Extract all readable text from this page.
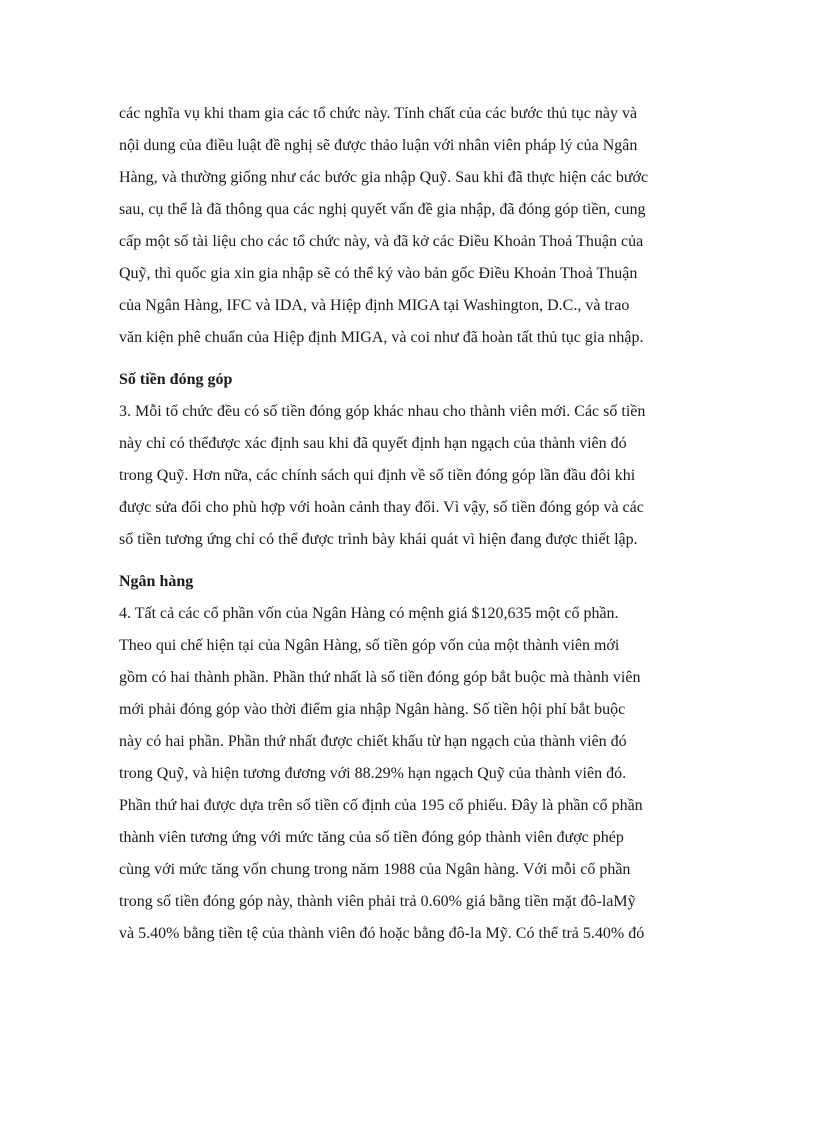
các nghĩa vụ khi tham gia các tổ chức này. Tính chất của các bước thủ tục này và
nội dung của điều luật đề nghị sẽ được thảo luận với nhân viên pháp lý của Ngân
Hàng, và thường giống như các bước gia nhập Quỹ. Sau khi đã thực hiện các bước
sau, cụ thể là đã thông qua các nghị quyết vấn đề gia nhập, đã đóng góp tiền, cung
cấp một số tài liệu cho các tổ chức này, và đã kở các Điều Khoản Thoả Thuận của
Quỹ, thì quốc gia xin gia nhập sẽ có thể ký vào bản gốc Điều Khoản Thoả Thuận
của Ngân Hàng, IFC và IDA, và Hiệp định MIGA tại Washington, D.C., và trao
văn kiện phê chuẩn của Hiệp định MIGA, và coi như đã hoàn tất thủ tục gia nhập.
Số tiền đóng góp
3. Mỗi tổ chức đều có số tiền đóng góp khác nhau cho thành viên mới. Các số tiền
này chỉ có thểđược xác định sau khi đã quyết định hạn ngạch của thành viên đó
trong Quỹ. Hơn nữa, các chính sách qui định về số tiền đóng góp lần đầu đôi khi
được sửa đổi cho phù hợp với hoàn cảnh thay đổi. Vì vậy, số tiền đóng góp và các
số tiền tương ứng chỉ có thể được trình bày khái quát vì hiện đang được thiết lập.
Ngân hàng
4. Tất cả các cổ phần vốn của Ngân Hàng có mệnh giá $120,635 một cổ phần.
Theo qui chế hiện tại của Ngân Hàng, số tiền góp vốn của một thành viên mới
gồm có hai thành phần. Phần thứ nhất là số tiền đóng góp bắt buộc mà thành viên
mới phải đóng góp vào thời điểm gia nhập Ngân hàng. Số tiền hội phí bắt buộc
này có hai phần. Phần thứ nhất được chiết khấu từ hạn ngạch của thành viên đó
trong Quỹ, và hiện tương đương với 88.29% hạn ngạch Quỹ của thành viên đó.
Phần thứ hai được dựa trên số tiền cố định của 195 cổ phiếu. Đây là phần cổ phần
thành viên tương ứng với mức tăng của số tiền đóng góp thành viên được phép
cùng với mức tăng vốn chung trong năm 1988 của Ngân hàng. Với mỗi cổ phần
trong số tiền đóng góp này, thành viên phải trả 0.60% giá bằng tiền mặt đô-laMỹ
và 5.40% bằng tiền tệ của thành viên đó hoặc bằng đô-la Mỹ. Có thể trả 5.40% đó
